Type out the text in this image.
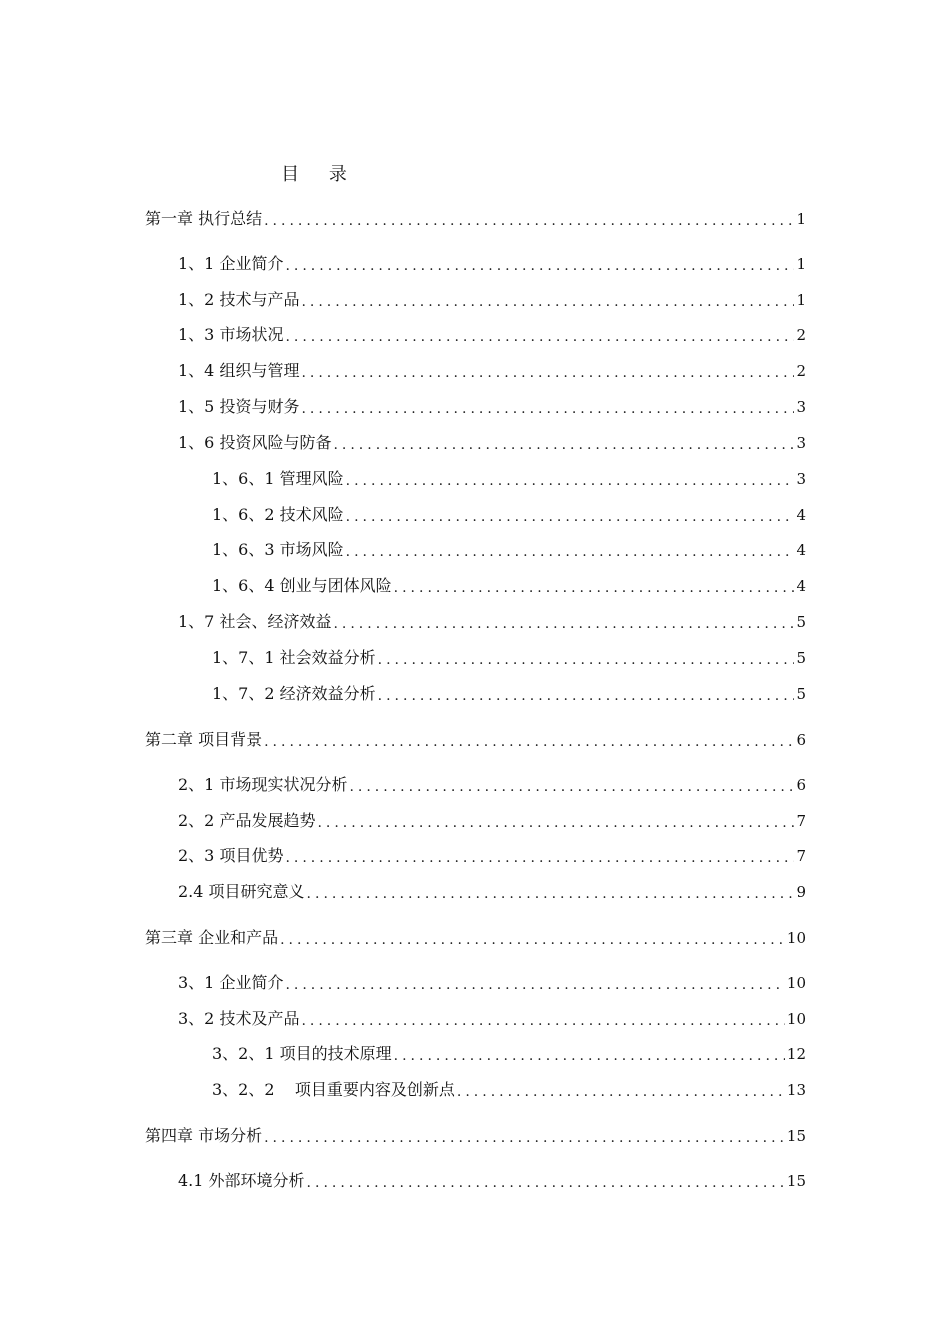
目 录
第一章 执行总结 .....	1
1、1 企业简介 .....	1
1、2 技术与产品 .....	1
1、3 市场状况 .....	2
1、4 组织与管理 .....	2
1、5 投资与财务 .....	3
1、6 投资风险与防备 .....	3
1、6、1 管理风险 .....	3
1、6、2 技术风险 .....	4
1、6、3 市场风险 .....	4
1、6、4 创业与团体风险 .....	4
1、7 社会、经济效益 .....	5
1、7、1 社会效益分析 .....	5
1、7、2 经济效益分析 .....	5
第二章 项目背景 .....	6
2、1 市场现实状况分析 .....	6
2、2 产品发展趋势 .....	7
2、3 项目优势 .....	7
2.4 项目研究意义 .....	9
第三章 企业和产品 .....	10
3、1 企业简介 .....	10
3、2 技术及产品 .....	10
3、2、1 项目的技术原理 .....	12
3、2、2    项目重要内容及创新点 .....	13
第四章 市场分析 .....	15
4.1 外部环境分析 .....	15
